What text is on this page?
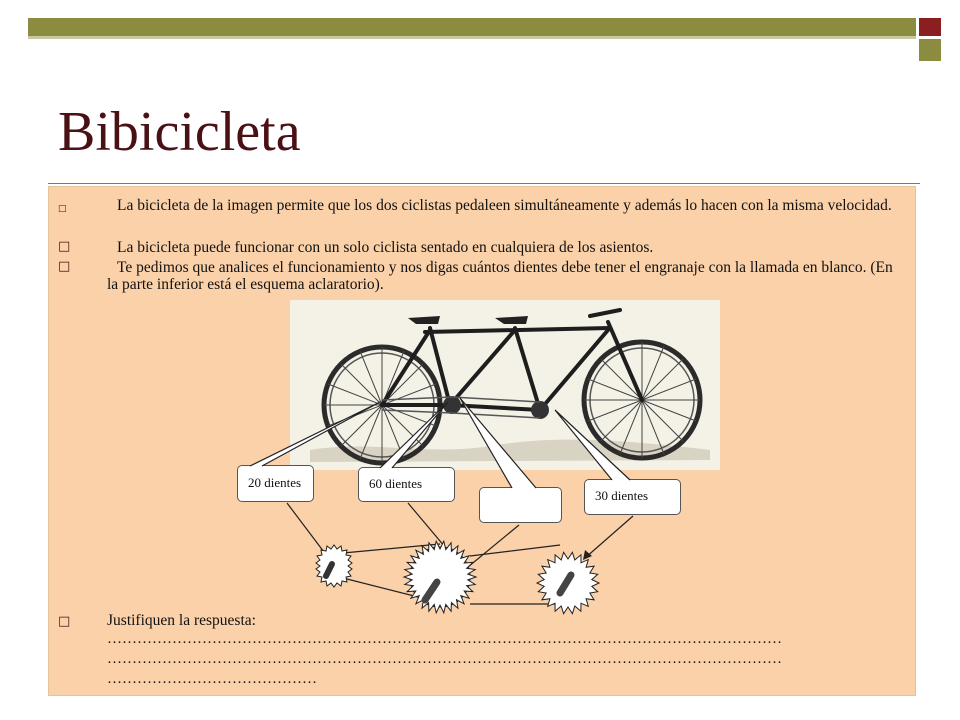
Bibicicleta
□	La bicicleta de la imagen permite que los dos ciclistas pedaleen simultáneamente y además lo hacen con la misma velocidad.

□	La bicicleta puede funcionar con un solo ciclista sentado en cualquiera de los asientos.

□	Te pedimos que analices el funcionamiento y nos digas cuántos dientes debe tener el engranaje con la llamada en blanco. (En la parte inferior está el esquema aclaratorio).

20 dientes	60 dientes
30 dientes
□ Justifiquen la respuesta:

………………………………………………………………………………………………………………………

………………………………………………………………………………………………………………………

……………………………………
